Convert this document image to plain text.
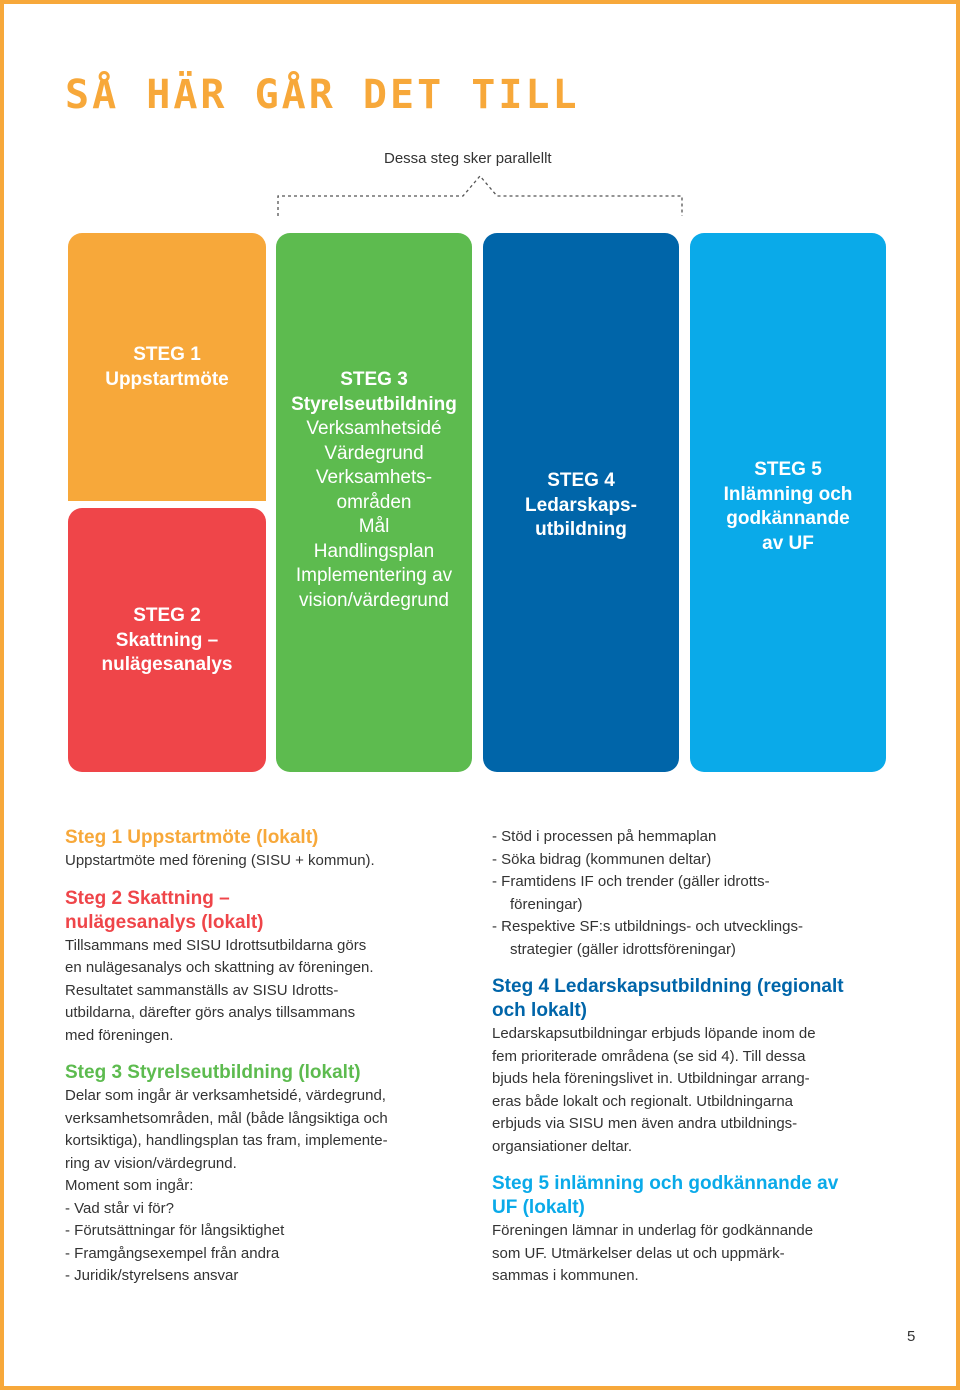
SÅ HÄR GÅR DET TILL
Dessa steg sker parallellt
STEG 1
Uppstartmöte
STEG 2
Skattning –
nulägesanalys
STEG 3
Styrelseutbildning
Verksamhetsidé
Värdegrund
Verksamhets-
områden
Mål
Handlingsplan
Implementering av
vision/värdegrund
STEG 4
Ledarskaps-
utbildning
STEG 5
Inlämning och
godkännande
av UF
Steg 1 Uppstartmöte (lokalt)
Uppstartmöte med förening (SISU + kommun).
Steg 2 Skattning –
nulägesanalys (lokalt)
Tillsammans med SISU Idrottsutbildarna görs
en nulägesanalys och skattning av föreningen.
Resultatet sammanställs av SISU Idrotts-
utbildarna, därefter görs analys tillsammans
med föreningen.
Steg 3 Styrelseutbildning (lokalt)
Delar som ingår är verksamhetsidé, värdegrund,
verksamhetsområden, mål (både långsiktiga och
kortsiktiga), handlingsplan tas fram, implemente-
ring av vision/värdegrund.
Moment som ingår:
- Vad står vi för?
- Förutsättningar för långsiktighet
- Framgångsexempel från andra
- Juridik/styrelsens ansvar
- Stöd i processen på hemmaplan
- Söka bidrag (kommunen deltar)
- Framtidens IF och trender (gäller idrotts-
föreningar)
- Respektive SF:s utbildnings- och utvecklings-
strategier (gäller idrottsföreningar)
Steg 4 Ledarskapsutbildning (regionalt
och lokalt)
Ledarskapsutbildningar erbjuds löpande inom de
fem prioriterade områdena (se sid 4). Till dessa
bjuds hela föreningslivet in. Utbildningar arrang-
eras både lokalt och regionalt. Utbildningarna
erbjuds via SISU men även andra utbildnings-
organsiationer deltar.
Steg 5 inlämning och godkännande av
UF (lokalt)
Föreningen lämnar in underlag för godkännande
som UF. Utmärkelser delas ut och uppmärk-
sammas i kommunen.
5
